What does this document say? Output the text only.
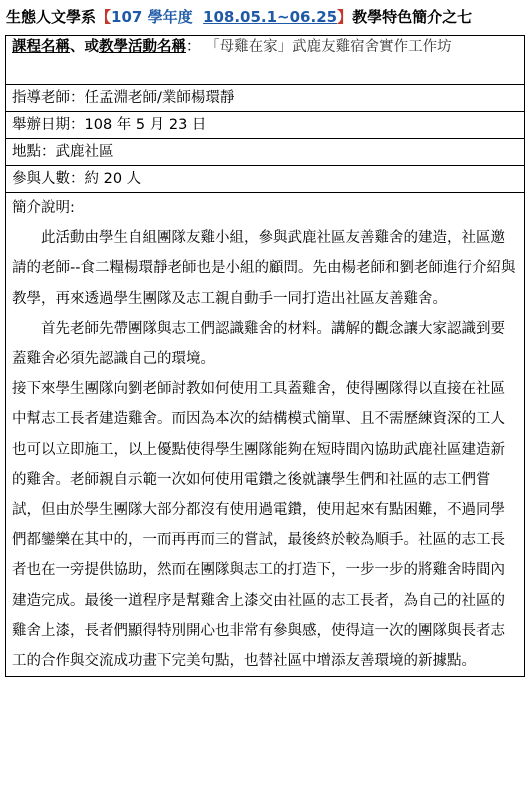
生態人文學系【107 學年度 108.05.1~06.25】教學特色簡介之七
課程名稱、或教學活動名稱： 「母雞在家」武鹿友雞宿舍實作工作坊
指導老師：任孟淵老師/業師楊環靜
舉辦日期：108 年 5 月 23 日
地點：武鹿社區
參與人數：約 20 人

簡介說明:

此活動由學生自組團隊友雞小組，參與武鹿社區友善雞舍的建造，社區邀請的老師--食二糧楊環靜老師也是小組的顧問。先由楊老師和劉老師進行介紹與教學，再來透過學生團隊及志工親自動手一同打造出社區友善雞舍。

首先老師先帶團隊與志工們認識雞舍的材料。講解的觀念讓大家認識到要蓋雞舍必須先認識自己的環境。

接下來學生團隊向劉老師討教如何使用工具蓋雞舍，使得團隊得以直接在社區中幫志工長者建造雞舍。而因為本次的結構模式簡單、且不需歷練資深的工人也可以立即施工，以上優點使得學生團隊能夠在短時間內協助武鹿社區建造新的雞舍。老師親自示範一次如何使用電鑽之後就讓學生們和社區的志工們嘗試，但由於學生團隊大部分都沒有使用過電鑽，使用起來有點困難，不過同學們都鑾樂在其中的，一而再再而三的嘗試，最後終於較為順手。社區的志工長者也在一旁提供協助，然而在團隊與志工的打造下，一步一步的將雞舍時間內建造完成。最後一道程序是幫雞舍上漆交由社區的志工長者，為自己的社區的雞舍上漆，長者們顯得特別開心也非常有參與感，使得這一次的團隊與長者志工的合作與交流成功畫下完美句點，也替社區中增添友善環境的新據點。
